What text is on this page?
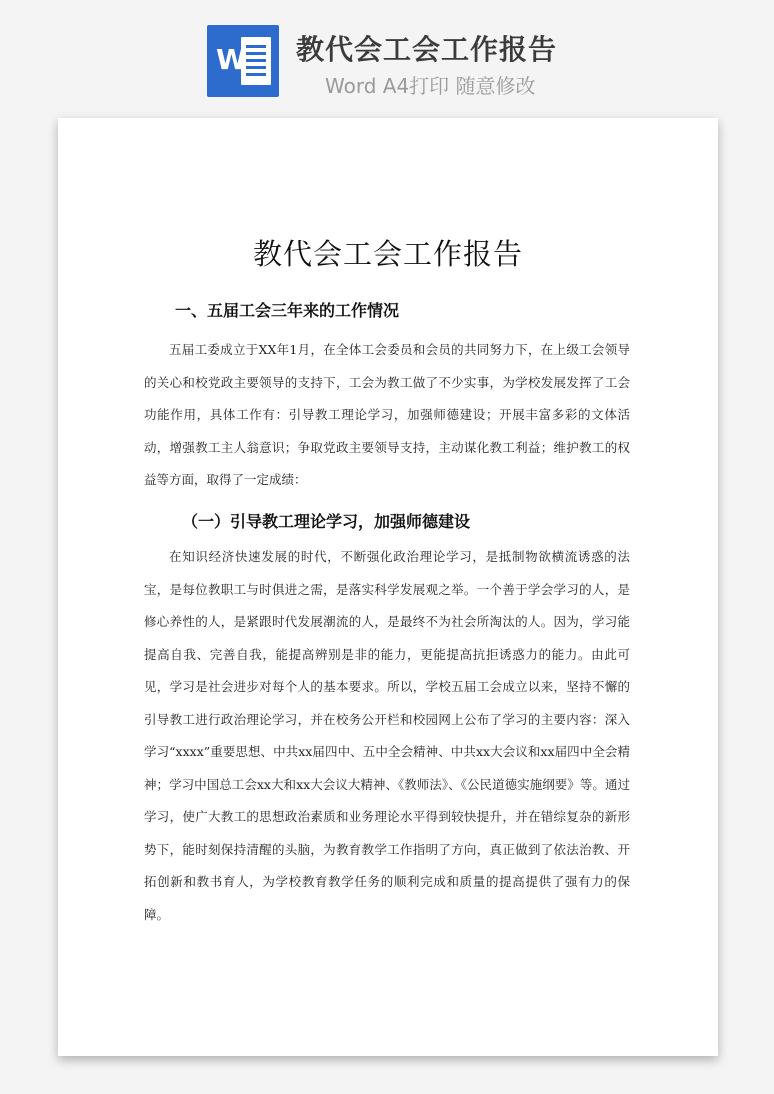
W 教代会工会工作报告
Word A4打印 随意修改
教代会工会工作报告
一、五届工会三年来的工作情况

五届工委成立于XX年1月，在全体工会委员和会员的共同努力下，在上级工会领导的关心和校党政主要领导的支持下，工会为教工做了不少实事，为学校发展发挥了工会功能作用，具体工作有：引导教工理论学习，加强师德建设；开展丰富多彩的文体活动，增强教工主人翁意识；争取党政主要领导支持，主动谋化教工利益；维护教工的权益等方面，取得了一定成绩：

（一）引导教工理论学习，加强师德建设

在知识经济快速发展的时代，不断强化政治理论学习，是抵制物欲横流诱惑的法宝，是每位教职工与时俱进之需，是落实科学发展观之举。一个善于学会学习的人，是修心养性的人，是紧跟时代发展潮流的人，是最终不为社会所淘汰的人。因为，学习能提高自我、完善自我，能提高辨别是非的能力，更能提高抗拒诱惑力的能力。由此可见，学习是社会进步对每个人的基本要求。所以，学校五届工会成立以来，坚持不懈的引导教工进行政治理论学习，并在校务公开栏和校园网上公布了学习的主要内容：深入学习“xxxx”重要思想、中共xx届四中、五中全会精神、中共xx大会议和xx届四中全会精神；学习中国总工会xx大和xx大会议大精神、《教师法》、《公民道德实施纲要》等。通过学习，使广大教工的思想政治素质和业务理论水平得到较快提升，并在错综复杂的新形势下，能时刻保持清醒的头脑，为教育教学工作指明了方向，真正做到了依法治教、开拓创新和教书育人，为学校教育教学任务的顺利完成和质量的提高提供了强有力的保障。
